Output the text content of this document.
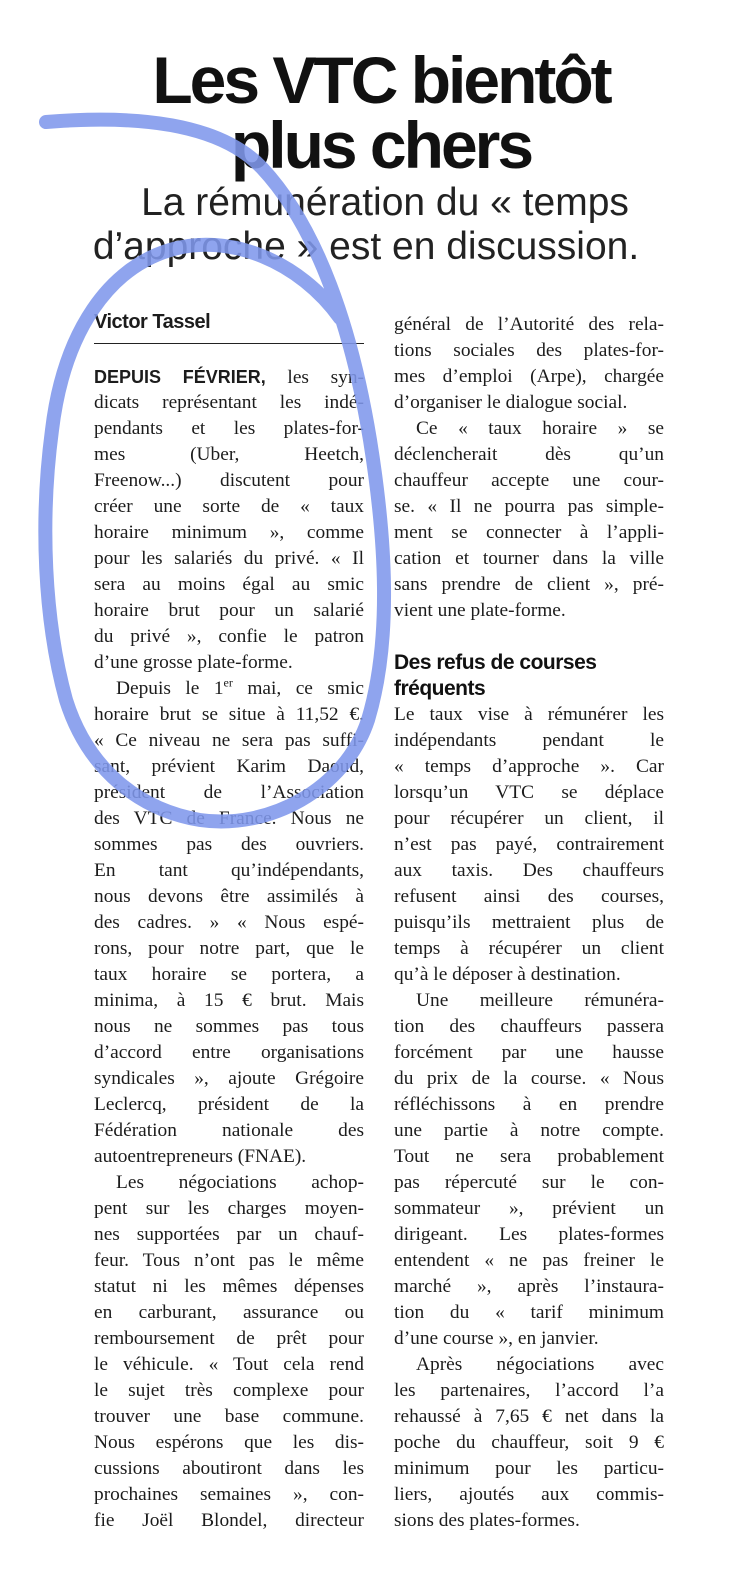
Les VTC bientôt
plus chers
La rémunération du « temps
d’approche » est en discussion.
Victor Tassel
DEPUIS FÉVRIER, les syn-
dicats représentant les indé-
pendants et les plates-for-
mes (Uber, Heetch,
Freenow...) discutent pour
créer une sorte de « taux
horaire minimum », comme
pour les salariés du privé. « Il
sera au moins égal au smic
horaire brut pour un salarié
du privé », confie le patron
d’une grosse plate-forme.
Depuis le 1er mai, ce smic
horaire brut se situe à 11,52 €.
« Ce niveau ne sera pas suffi-
sant, prévient Karim Daoud,
président de l’Association
des VTC de France. Nous ne
sommes pas des ouvriers.
En tant qu’indépendants,
nous devons être assimilés à
des cadres. » « Nous espé-
rons, pour notre part, que le
taux horaire se portera, a
minima, à 15 € brut. Mais
nous ne sommes pas tous
d’accord entre organisations
syndicales », ajoute Grégoire
Leclercq, président de la
Fédération nationale des
autoentrepreneurs (FNAE).
Les négociations achop-
pent sur les charges moyen-
nes supportées par un chauf-
feur. Tous n’ont pas le même
statut ni les mêmes dépenses
en carburant, assurance ou
remboursement de prêt pour
le véhicule. « Tout cela rend
le sujet très complexe pour
trouver une base commune.
Nous espérons que les dis-
cussions aboutiront dans les
prochaines semaines », con-
fie Joël Blondel, directeur
général de l’Autorité des rela-
tions sociales des plates-for-
mes d’emploi (Arpe), chargée
d’organiser le dialogue social.
Ce « taux horaire » se
déclencherait dès qu’un
chauffeur accepte une cour-
se. « Il ne pourra pas simple-
ment se connecter à l’appli-
cation et tourner dans la ville
sans prendre de client », pré-
vient une plate-forme.
Des refus de courses
fréquents
Le taux vise à rémunérer les
indépendants pendant le
« temps d’approche ». Car
lorsqu’un VTC se déplace
pour récupérer un client, il
n’est pas payé, contrairement
aux taxis. Des chauffeurs
refusent ainsi des courses,
puisqu’ils mettraient plus de
temps à récupérer un client
qu’à le déposer à destination.
Une meilleure rémunéra-
tion des chauffeurs passera
forcément par une hausse
du prix de la course. « Nous
réfléchissons à en prendre
une partie à notre compte.
Tout ne sera probablement
pas répercuté sur le con-
sommateur », prévient un
dirigeant. Les plates-formes
entendent « ne pas freiner le
marché », après l’instaura-
tion du « tarif minimum
d’une course », en janvier.
Après négociations avec
les partenaires, l’accord l’a
rehaussé à 7,65 € net dans la
poche du chauffeur, soit 9 €
minimum pour les particu-
liers, ajoutés aux commis-
sions des plates-formes.
